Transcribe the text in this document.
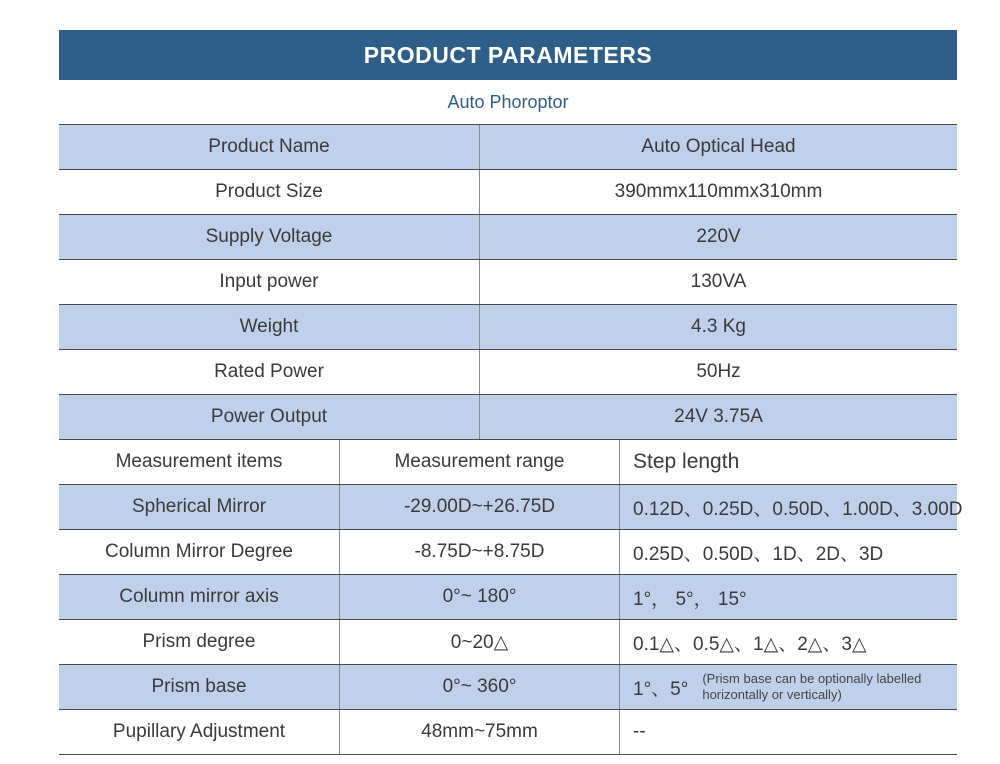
PRODUCT PARAMETERS
Auto Phoroptor
Product Name	Auto Optical Head
Product Size	390mmx110mmx310mm
Supply Voltage	220V
Input power	130VA
Weight	4.3 Kg
Rated Power	50Hz
Power Output	24V 3.75A
Measurement items	Measurement range	Step length
Spherical Mirror	-29.00D~+26.75D	0.12D、0.25D、0.50D、1.00D、3.00D
Column Mirror Degree	-8.75D~+8.75D	0.25D、0.50D、1D、2D、3D
Column mirror axis	0°~ 180°	1°， 5°， 15°
Prism degree	0~20△	0.1△、0.5△、1△、2△、3△
Prism base	0°~ 360°	1°、5° (Prism base can be optionally labelled
horizontally or vertically)
Pupillary Adjustment	48mm~75mm	--
